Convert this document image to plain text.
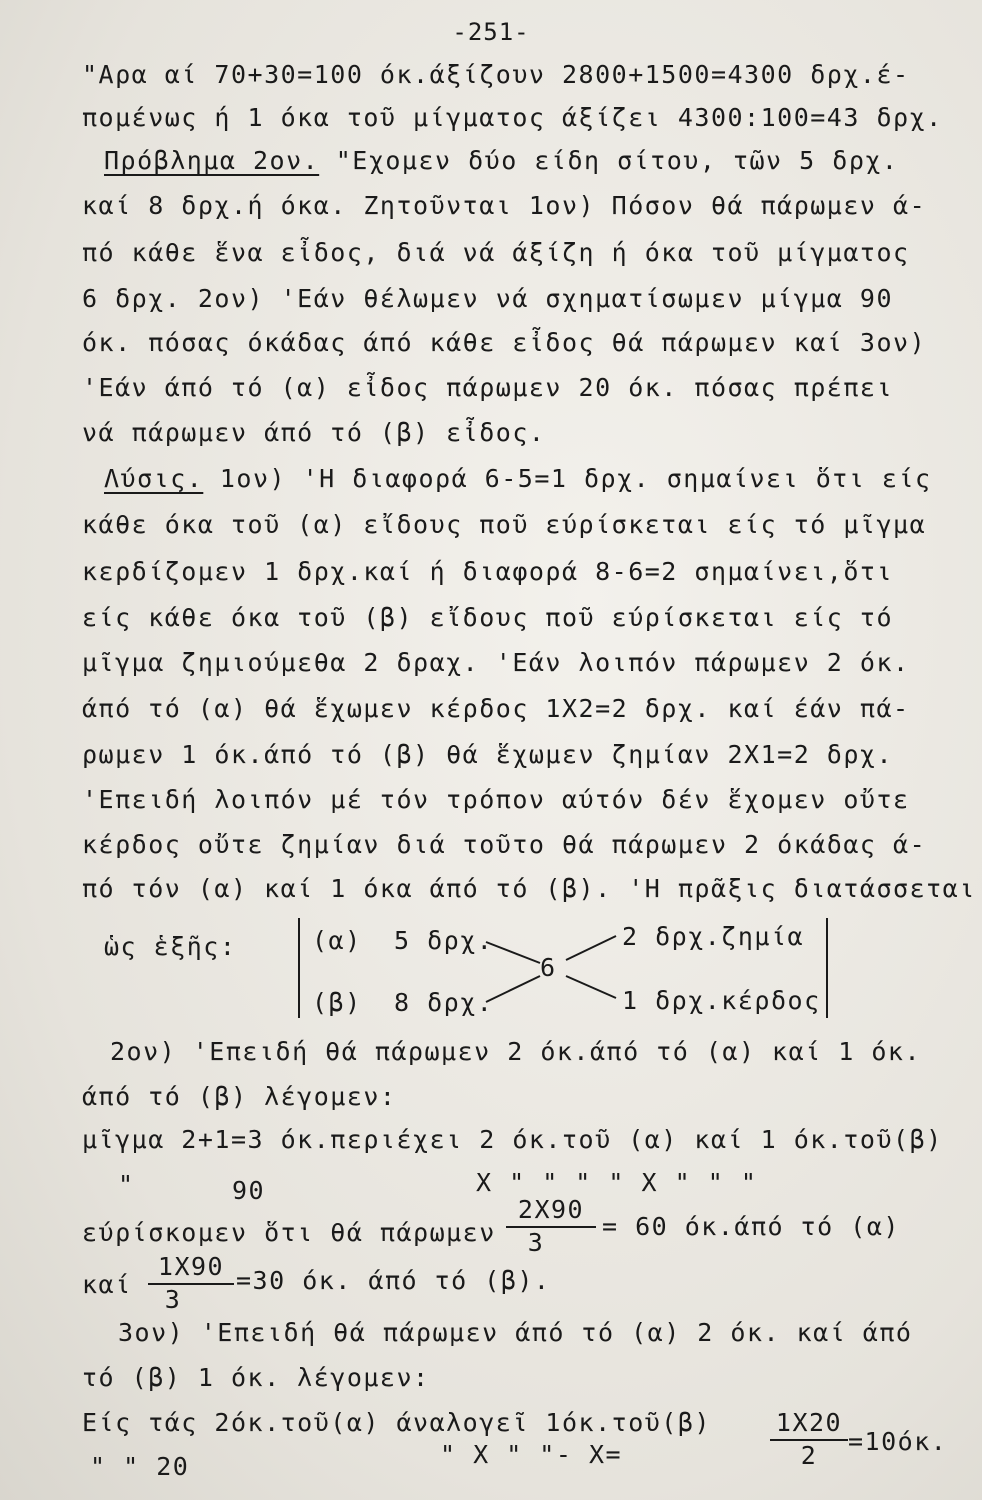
-251-
"Αρα αί 70+30=100 όκ.άξίζουν 2800+1500=4300 δρχ.έ-
πομένως ή 1 όκα τοῦ μίγματος άξίζει 4300:100=43 δρχ.
Πρόβλημα 2ον. "Εχομεν δύο είδη σίτου, τῶν 5 δρχ.
καί 8 δρχ.ή όκα. Ζητοῦνται 1ον) Πόσον θά πάρωμεν ά-
πό κάθε ἕνα εἶδος, διά νά άξίζη ή όκα τοῦ μίγματος
6 δρχ. 2ον) 'Εάν θέλωμεν νά σχηματίσωμεν μίγμα 90
όκ. πόσας όκάδας άπό κάθε εἶδος θά πάρωμεν καί 3ον)
'Εάν άπό τό (α) εἶδος πάρωμεν 20 όκ. πόσας πρέπει
νά πάρωμεν άπό τό (β) εἶδος.
Λύσις. 1ον) 'Η διαφορά 6-5=1 δρχ. σημαίνει ὅτι είς
κάθε όκα τοῦ (α) εἴδους ποῦ εύρίσκεται είς τό μῖγμα
κερδίζομεν 1 δρχ.καί ή διαφορά 8-6=2 σημαίνει,ὅτι
είς κάθε όκα τοῦ (β) εἴδους ποῦ εύρίσκεται είς τό
μῖγμα ζημιούμεθα 2 δραχ. 'Εάν λοιπόν πάρωμεν 2 όκ.
άπό τό (α) θά ἕχωμεν κέρδος 1Χ2=2 δρχ. καί έάν πά-
ρωμεν 1 όκ.άπό τό (β) θά ἕχωμεν ζημίαν 2Χ1=2 δρχ.
'Επειδή λοιπόν μέ τόν τρόπον αύτόν δέν ἕχομεν οὔτε
κέρδος οὔτε ζημίαν διά τοῦτο θά πάρωμεν 2 όκάδας ά-
πό τόν (α) καί 1 όκα άπό τό (β). 'Η πρᾶξις διατάσσεται
ὡς ἑξῆς:	(α) 5 δρχ.
(β) 8 δρχ.
6
2 δρχ.ζημία
1 δρχ.κέρδος
2ον) 'Επειδή θά πάρωμεν 2 όκ.άπό τό (α) καί 1 όκ.
άπό τό (β) λέγομεν:
μῖγμα 2+1=3 όκ.περιέχει 2 όκ.τοῦ (α) καί 1 όκ.τοῦ(β)
"	90	Χ " " " " Χ " " "
εύρίσκομεν ὅτι θά πάρωμεν
2Χ90
3
= 60 όκ.άπό τό (α)
καί
1Χ90
3
=30 όκ. άπό τό (β).
3ον) 'Επειδή θά πάρωμεν άπό τό (α) 2 όκ. καί άπό
τό (β) 1 όκ. λέγομεν:
Είς τάς 2όκ.τοῦ(α) άναλογεῖ 1όκ.τοῦ(β)
" " 20	" Χ " "- Χ=
1Χ20
2	=10όκ.
